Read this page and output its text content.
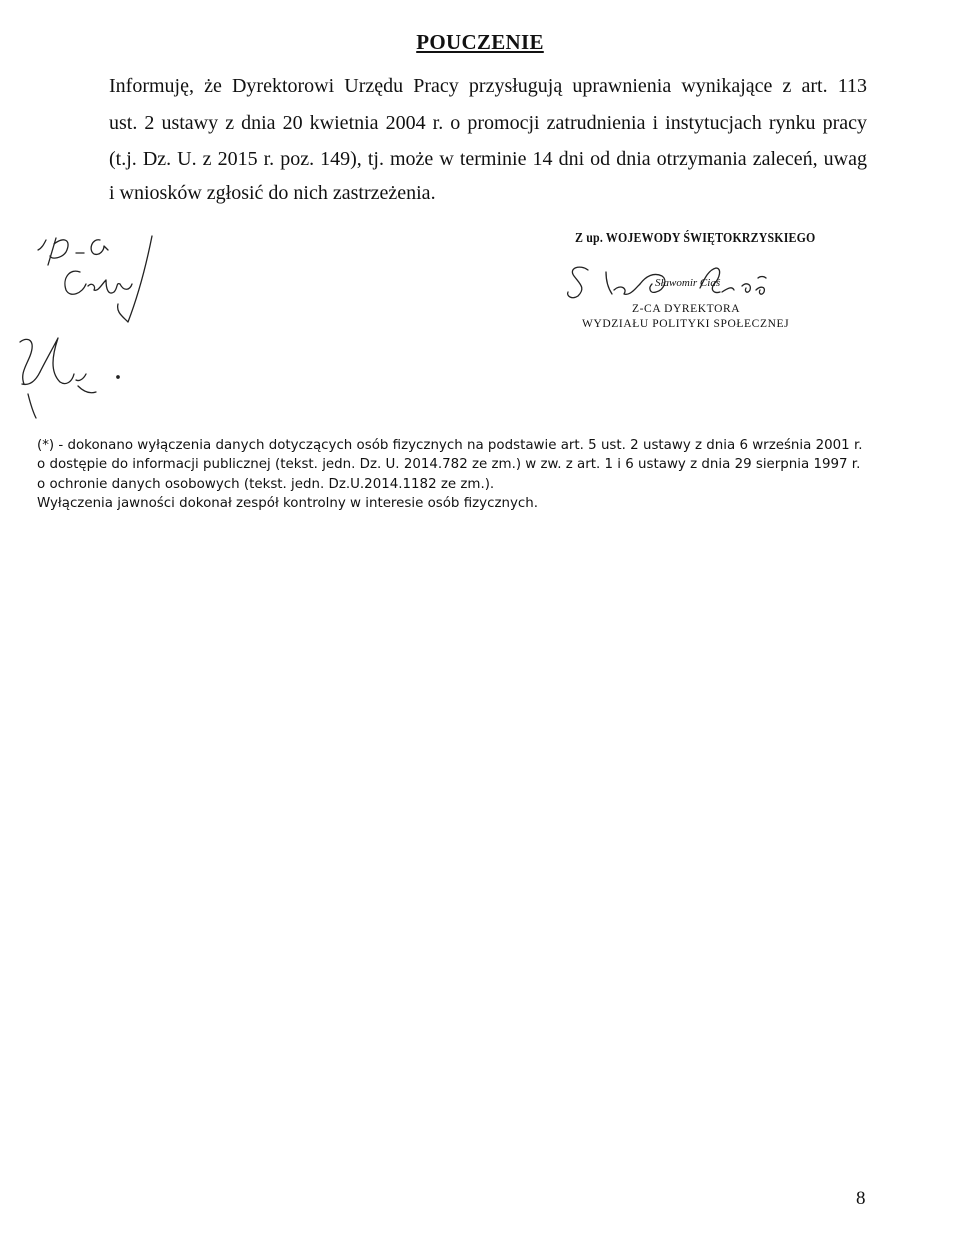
POUCZENIE
Informuję, że Dyrektorowi Urzędu Pracy przysługują uprawnienia wynikające z art. 113
ust. 2 ustawy z dnia 20 kwietnia 2004 r. o promocji zatrudnienia i instytucjach rynku pracy
(t.j. Dz. U. z 2015 r. poz. 149), tj. może w terminie 14 dni od dnia otrzymania zaleceń, uwag
i wniosków zgłosić do nich zastrzeżenia.
Z up. WOJEWODY ŚWIĘTOKRZYSKIEGO
Sławomir Ciaś
Z-CA DYREKTORA
WYDZIAŁU POLITYKI SPOŁECZNEJ
(*) - dokonano wyłączenia danych dotyczących osób fizycznych na podstawie art. 5 ust. 2 ustawy z dnia 6 września 2001 r.
o dostępie do informacji publicznej (tekst. jedn. Dz. U. 2014.782 ze zm.) w zw. z art. 1 i 6 ustawy z dnia 29 sierpnia 1997 r.
o ochronie danych osobowych (tekst. jedn. Dz.U.2014.1182 ze zm.).
Wyłączenia jawności dokonał zespół kontrolny w interesie osób fizycznych.
8
